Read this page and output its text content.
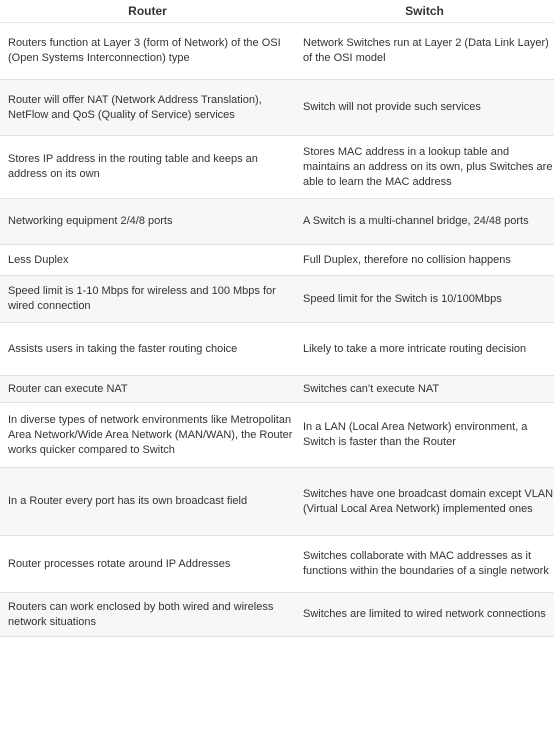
Router	Switch
Routers function at Layer 3 (form of Network) of the OSI (Open Systems Interconnection) type	Network Switches run at Layer 2 (Data Link Layer) of the OSI model
Router will offer NAT (Network Address Translation), NetFlow and QoS (Quality of Service) services	Switch will not provide such services
Stores IP address in the routing table and keeps an address on its own	Stores MAC address in a lookup table and maintains an address on its own, plus Switches are able to learn the MAC address
Networking equipment 2/4/8 ports	A Switch is a multi-channel bridge, 24/48 ports
Less Duplex	Full Duplex, therefore no collision happens
Speed limit is 1-10 Mbps for wireless and 100 Mbps for wired connection	Speed limit for the Switch is 10/100Mbps
Assists users in taking the faster routing choice	Likely to take a more intricate routing decision
Router can execute NAT	Switches can’t execute NAT
In diverse types of network environments like Metropolitan Area Network/Wide Area Network (MAN/WAN), the Router works quicker compared to Switch	In a LAN (Local Area Network) environment, a Switch is faster than the Router
In a Router every port has its own broadcast field	Switches have one broadcast domain except VLAN (Virtual Local Area Network) implemented ones
Router processes rotate around IP Addresses	Switches collaborate with MAC addresses as it functions within the boundaries of a single network
Routers can work enclosed by both wired and wireless network situations	Switches are limited to wired network connections
